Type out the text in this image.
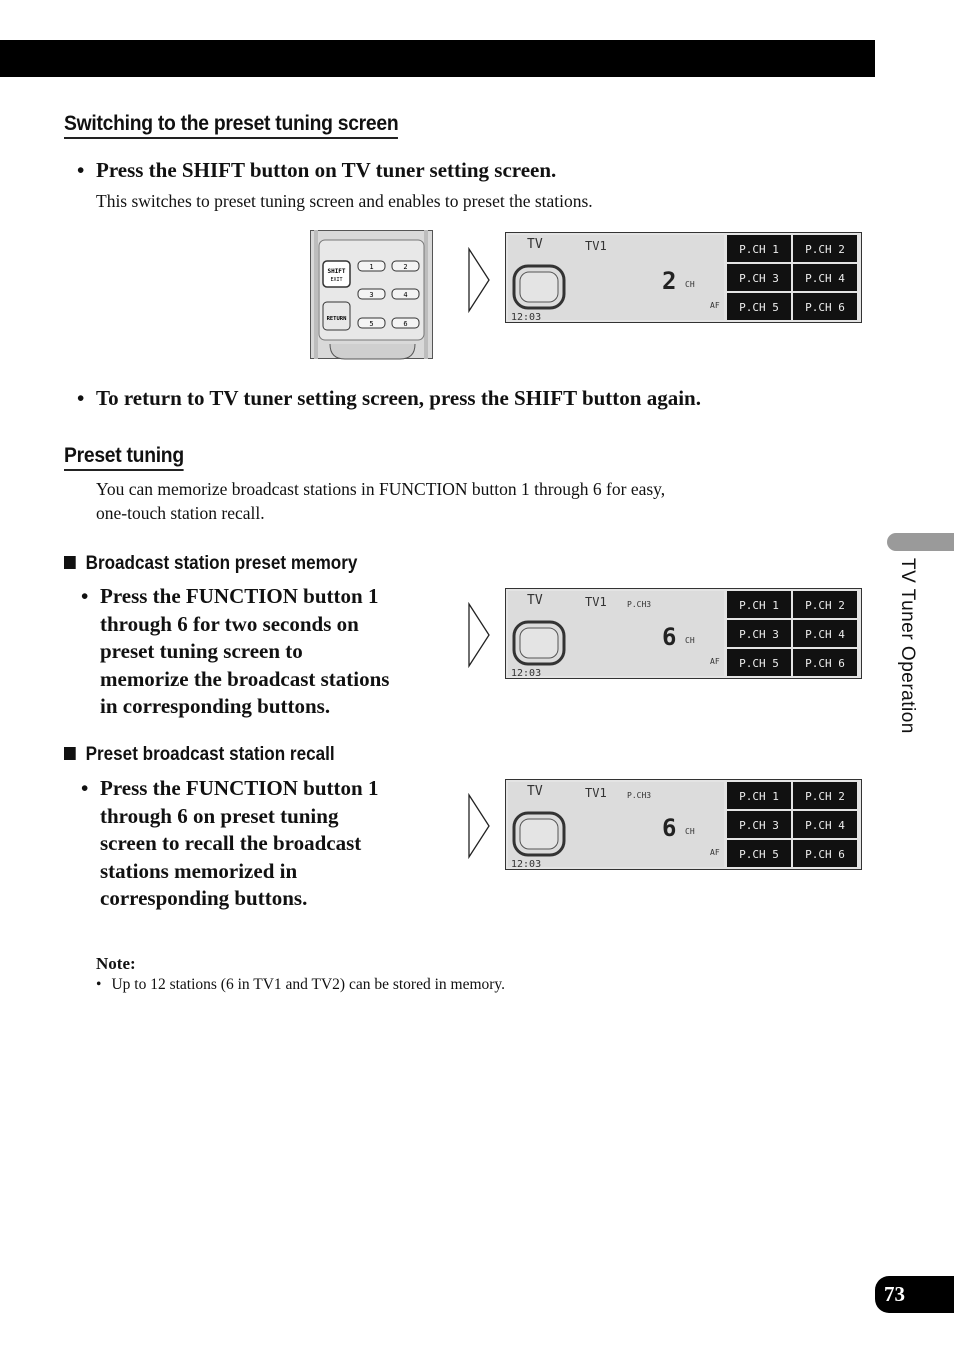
Switching to the preset tuning screen
• Press the SHIFT button on TV tuner setting screen.
This switches to preset tuning screen and enables to preset the stations.
SHIFT
EXIT
RETURN
1	2
3	4
5	6
TV	TV1
2 CH
AF
12:03
P.CH 1 P.CH 2
P.CH 3 P.CH 4
P.CH 5 P.CH 6
• To return to TV tuner setting screen, press the SHIFT button again.
Preset tuning
You can memorize broadcast stations in FUNCTION button 1 through 6 for easy,
one-touch station recall.
Broadcast station preset memory
• Press the FUNCTION button 1
through 6 for two seconds on
preset tuning screen to
memorize the broadcast stations
in corresponding buttons.
TV	TV1	P.CH3
6 CH
AF
12:03
P.CH 1 P.CH 2
P.CH 3 P.CH 4
P.CH 5 P.CH 6
Preset broadcast station recall
• Press the FUNCTION button 1
through 6 on preset tuning
screen to recall the broadcast
stations memorized in
corresponding buttons.
TV	TV1	P.CH3
6 CH
AF
12:03
P.CH 1 P.CH 2
P.CH 3 P.CH 4
P.CH 5 P.CH 6
Note:
• Up to 12 stations (6 in TV1 and TV2) can be stored in memory.
TV Tuner Operation
73
